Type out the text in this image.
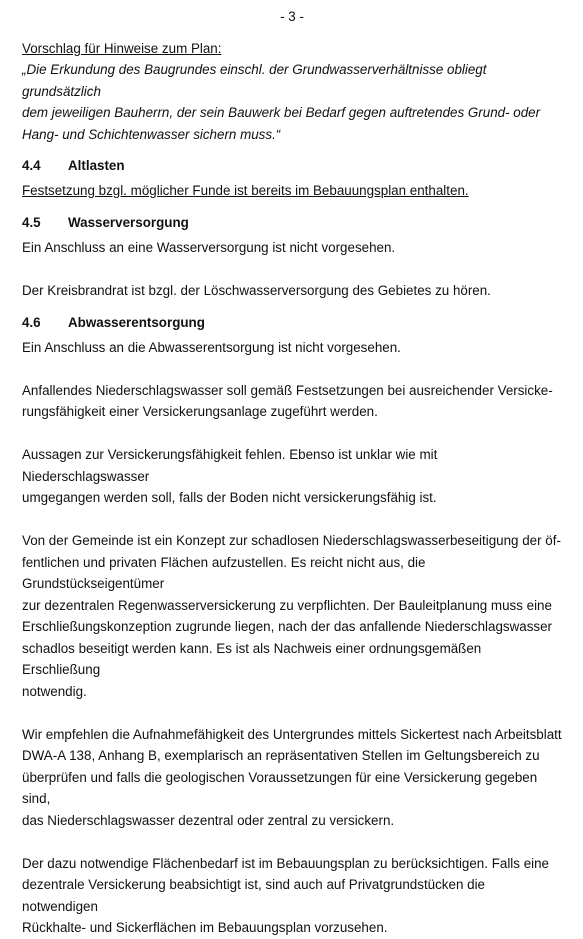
- 3 -

Vorschlag für Hinweise zum Plan:

„Die Erkundung des Baugrundes einschl. der Grundwasserverhältnisse obliegt grundsätzlich

dem jeweiligen Bauherrn, der sein Bauwerk bei Bedarf gegen auftretendes Grund- oder

Hang- und Schichtenwasser sichern muss.“

4.4	Altlasten

Festsetzung bzgl. möglicher Funde ist bereits im Bebauungsplan enthalten.

4.5	Wasserversorgung

Ein Anschluss an eine Wasserversorgung ist nicht vorgesehen.

Der Kreisbrandrat ist bzgl. der Löschwasserversorgung des Gebietes zu hören.

4.6	Abwasserentsorgung

Ein Anschluss an die Abwasserentsorgung ist nicht vorgesehen.

Anfallendes Niederschlagswasser soll gemäß Festsetzungen bei ausreichender Versicke-

rungsfähigkeit einer Versickerungsanlage zugeführt werden.

Aussagen zur Versickerungsfähigkeit fehlen. Ebenso ist unklar wie mit Niederschlagswasser

umgegangen werden soll, falls der Boden nicht versickerungsfähig ist.

Von der Gemeinde ist ein Konzept zur schadlosen Niederschlagswasserbeseitigung der öf-

fentlichen und privaten Flächen aufzustellen. Es reicht nicht aus, die Grundstückseigentümer

zur dezentralen Regenwasserversickerung zu verpflichten. Der Bauleitplanung muss eine

Erschließungskonzeption zugrunde liegen, nach der das anfallende Niederschlagswasser

schadlos beseitigt werden kann. Es ist als Nachweis einer ordnungsgemäßen Erschließung

notwendig.

Wir empfehlen die Aufnahmefähigkeit des Untergrundes mittels Sickertest nach Arbeitsblatt

DWA-A 138, Anhang B, exemplarisch an repräsentativen Stellen im Geltungsbereich zu

überprüfen und falls die geologischen Voraussetzungen für eine Versickerung gegeben sind,

das Niederschlagswasser dezentral oder zentral zu versickern.

Der dazu notwendige Flächenbedarf ist im Bebauungsplan zu berücksichtigen. Falls eine

dezentrale Versickerung beabsichtigt ist, sind auch auf Privatgrundstücken die notwendigen

Rückhalte- und Sickerflächen im Bebauungsplan vorzusehen.
